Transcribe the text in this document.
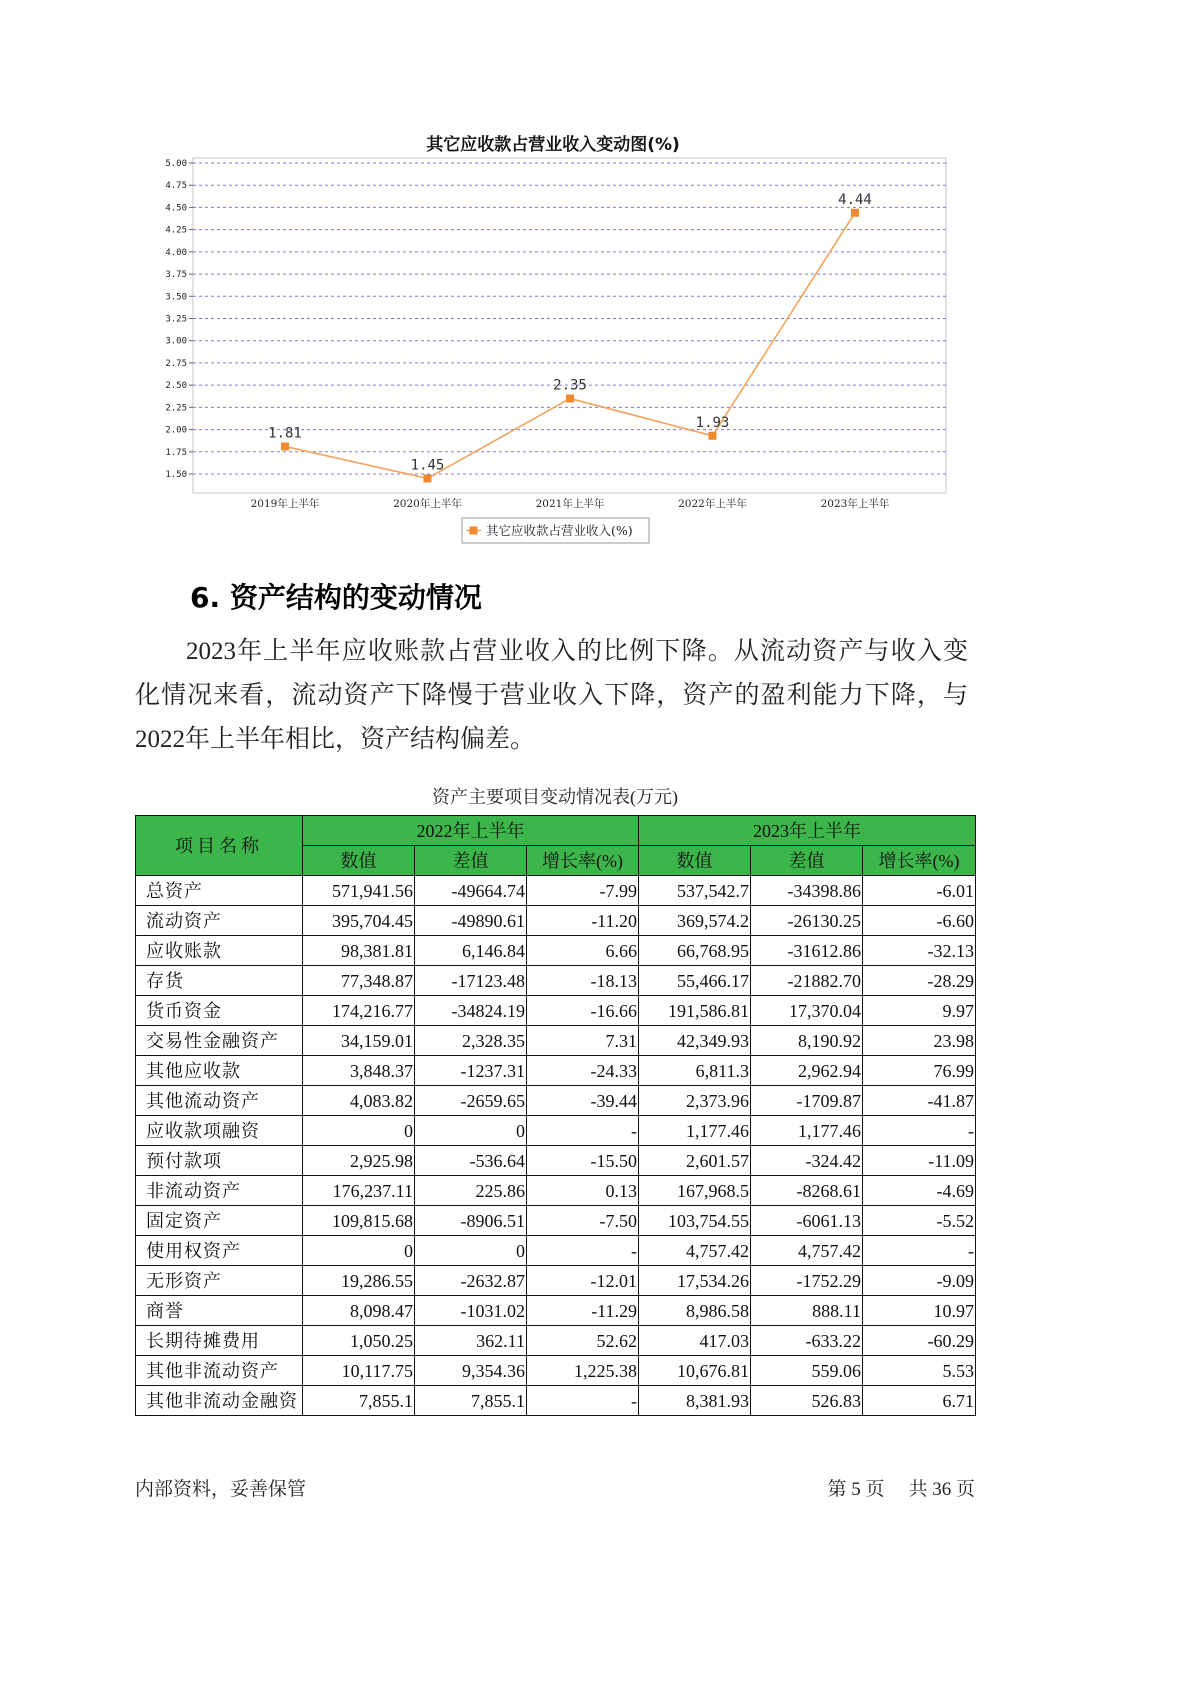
其它应收款占营业收入变动图(%)
1.50
1.75
2.00
2.25
2.50
2.75
3.00
3.25
3.50
3.75
4.00
4.25
4.50
4.75
5.00
2019年上半年	2020年上半年	2021年上半年	2022年上半年	2023年上半年
1.81
1.45
2.35
1.93
4.44
其它应收款占营业收入(%)
6. 资产结构的变动情况
2023年上半年应收账款占营业收入的比例下降。从流动资产与收入变
化情况来看，流动资产下降慢于营业收入下降，资产的盈利能力下降，与
2022年上半年相比，资产结构偏差。
资产主要项目变动情况表(万元)
项目名称	2022年上半年			2023年上半年		
	数值	差值	增长率(%)	数值	差值	增长率(%)
总资产	571,941.56	-49664.74	-7.99	537,542.7	-34398.86	-6.01
流动资产	395,704.45	-49890.61	-11.20	369,574.2	-26130.25	-6.60
应收账款	98,381.81	6,146.84	6.66	66,768.95	-31612.86	-32.13
存货	77,348.87	-17123.48	-18.13	55,466.17	-21882.70	-28.29
货币资金	174,216.77	-34824.19	-16.66	191,586.81	17,370.04	9.97
交易性金融资产	34,159.01	2,328.35	7.31	42,349.93	8,190.92	23.98
其他应收款	3,848.37	-1237.31	-24.33	6,811.3	2,962.94	76.99
其他流动资产	4,083.82	-2659.65	-39.44	2,373.96	-1709.87	-41.87
应收款项融资	0	0	-	1,177.46	1,177.46	-
预付款项	2,925.98	-536.64	-15.50	2,601.57	-324.42	-11.09
非流动资产	176,237.11	225.86	0.13	167,968.5	-8268.61	-4.69
固定资产	109,815.68	-8906.51	-7.50	103,754.55	-6061.13	-5.52
使用权资产	0	0	-	4,757.42	4,757.42	-
无形资产	19,286.55	-2632.87	-12.01	17,534.26	-1752.29	-9.09
商誉	8,098.47	-1031.02	-11.29	8,986.58	888.11	10.97
长期待摊费用	1,050.25	362.11	52.62	417.03	-633.22	-60.29
其他非流动资产	10,117.75	9,354.36	1,225.38	10,676.81	559.06	5.53
其他非流动金融资	7,855.1	7,855.1	-	8,381.93	526.83	6.71
内部资料，妥善保管	第 5 页 共 36 页
